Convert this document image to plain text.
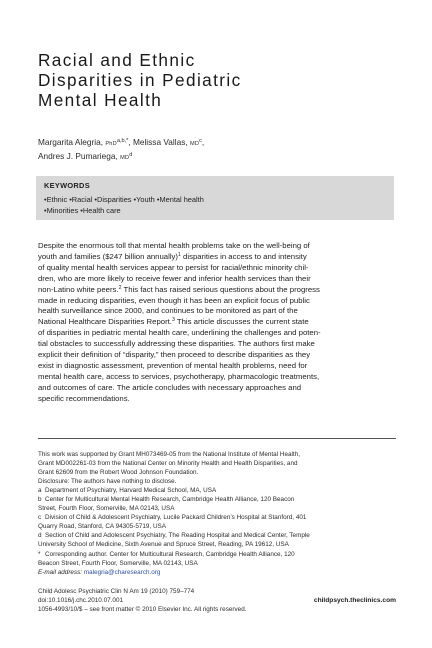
Racial and Ethnic
Disparities in Pediatric
Mental Health
Margarita Alegria, PhD$^{a,b,*}$, Melissa Vallas, $MD^c$,
Andres J. Pumariega, $MD^d$
KEYWORDS
• Ethnic • Racial • Disparities • Youth • Mental health
• Minorities • Health care
Despite the enormous toll that mental health problems take on the well-being of
youth and families ($247 billion annually)$^1$ disparities in access to and intensity
of quality mental health services appear to persist for racial/ethnic minority chil-
dren, who are more likely to receive fewer and inferior health services than their
non-Latino white peers.$^2$ This fact has raised serious questions about the progress
made in reducing disparities, even though it has been an explicit focus of public
health surveillance since 2000, and continues to be monitored as part of the
National Healthcare Disparities Report.$^3$ This article discusses the current state
of disparities in pediatric mental health care, underlining the challenges and poten-
tial obstacles to successfully addressing these disparities. The authors first make
explicit their definition of “disparity,” then proceed to describe disparities as they
exist in diagnostic assessment, prevention of mental health problems, need for
mental health care, access to services, psychotherapy, pharmacologic treatments,
and outcomes of care. The article concludes with necessary approaches and
specific recommendations.
This work was supported by Grant MH073469-05 from the National Institute of Mental Health,
Grant MD002261-03 from the National Center on Minority Health and Health Disparities, and
Grant 62609 from the Robert Wood Johnson Foundation.
Disclosure: The authors have nothing to disclose.
a Department of Psychiatry, Harvard Medical School, MA, USA
b Center for Multicultural Mental Health Research, Cambridge Health Alliance, 120 Beacon
Street, Fourth Floor, Somerville, MA 02143, USA
c Division of Child & Adolescent Psychiatry, Lucile Packard Children’s Hospital at Stanford, 401
Quarry Road, Stanford, CA 94305-5719, USA
d Section of Child and Adolescent Psychiatry, The Reading Hospital and Medical Center, Temple
University School of Medicine, Sixth Avenue and Spruce Street, Reading, PA 19612, USA
* Corresponding author. Center for Multicultural Research, Cambridge Health Alliance, 120
Beacon Street, Fourth Floor, Somerville, MA 02143, USA
E-mail address: malegria@charesearch.org
Child Adolesc Psychiatric Clin N Am 19 (2010) 759–774
doi:10.1016/j.chc.2010.07.001
1056-4993/10/$ – see front matter © 2010 Elsevier Inc. All rights reserved.
childpsych.theclinics.com
